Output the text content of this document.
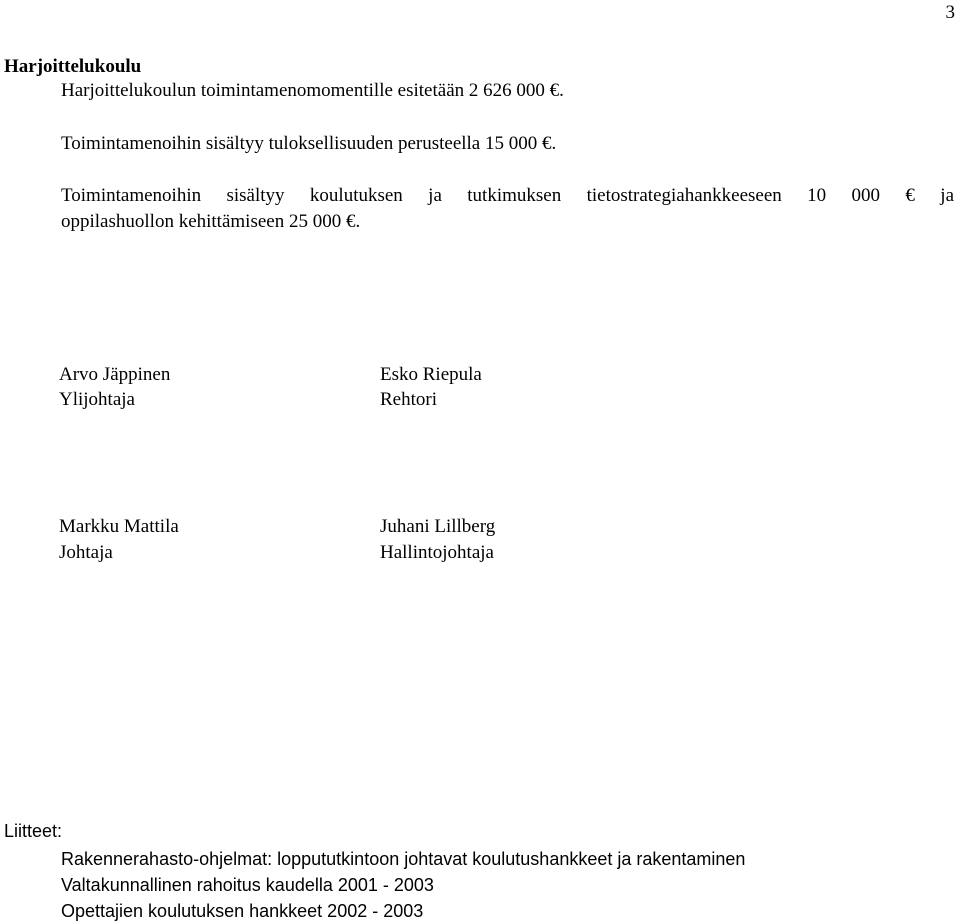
3
Harjoittelukoulu
Harjoittelukoulun toimintamenomomentille esitetään 2 626 000 €.
Toimintamenoihin sisältyy tuloksellisuuden perusteella 15 000 €.
Toimintamenoihin sisältyy koulutuksen ja tutkimuksen tietostrategiahankkeeseen 10 000 € ja
oppilashuollon kehittämiseen 25 000 €.
Arvo Jäppinen
Ylijohtaja
Esko Riepula
Rehtori
Markku Mattila
Johtaja
Juhani Lillberg
Hallintojohtaja
Liitteet:
Rakennerahasto-ohjelmat: loppututkintoon johtavat koulutushankkeet ja rakentaminen
Valtakunnallinen rahoitus kaudella 2001 - 2003
Opettajien koulutuksen hankkeet 2002 - 2003
